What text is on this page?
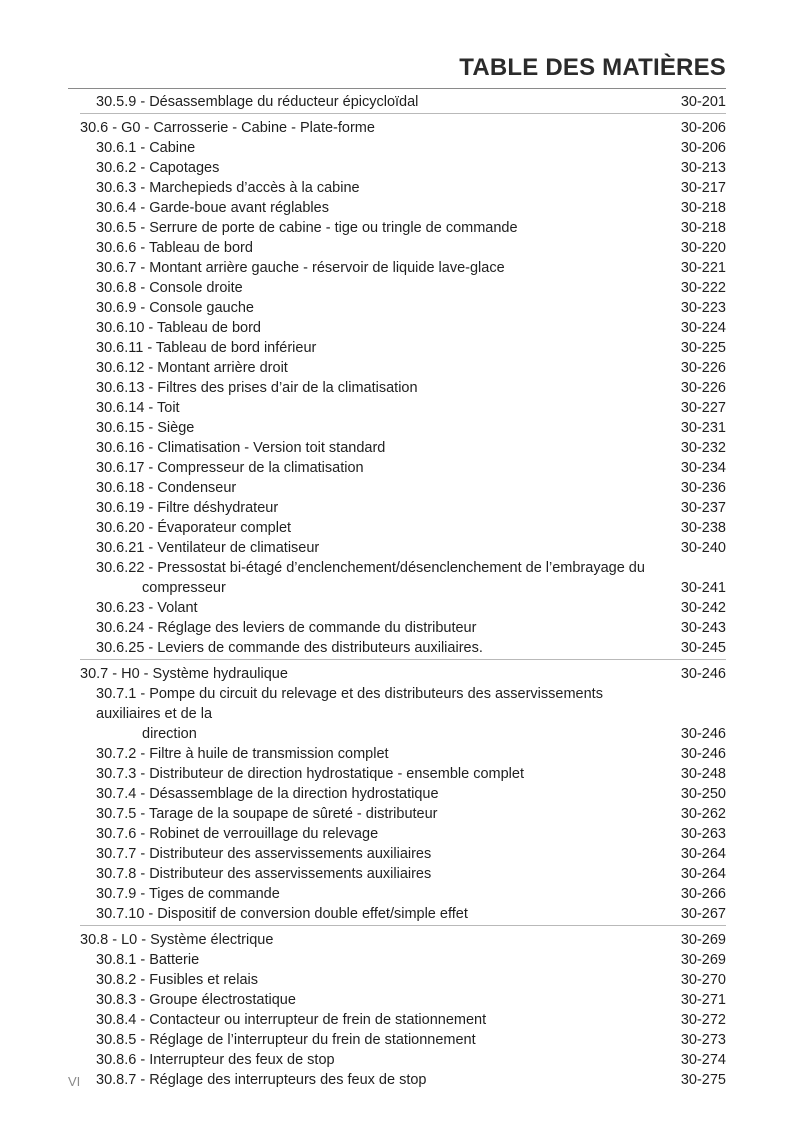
TABLE DES MATIÈRES
30.5.9 - Désassemblage du réducteur épicycloïdal	30-201
30.6 - G0 - Carrosserie - Cabine - Plate-forme	30-206
30.6.1 - Cabine	30-206
30.6.2 - Capotages	30-213
30.6.3 - Marchepieds d’accès à la cabine	30-217
30.6.4 - Garde-boue avant réglables	30-218
30.6.5 - Serrure de porte de cabine - tige ou tringle de commande	30-218
30.6.6 - Tableau de bord	30-220
30.6.7 - Montant arrière gauche - réservoir de liquide lave-glace	30-221
30.6.8 - Console droite	30-222
30.6.9 - Console gauche	30-223
30.6.10 - Tableau de bord	30-224
30.6.11 - Tableau de bord inférieur	30-225
30.6.12 - Montant arrière droit	30-226
30.6.13 - Filtres des prises d’air de la climatisation	30-226
30.6.14 - Toit	30-227
30.6.15 - Siège	30-231
30.6.16 - Climatisation - Version toit standard	30-232
30.6.17 - Compresseur de la climatisation	30-234
30.6.18 - Condenseur	30-236
30.6.19 - Filtre déshydrateur	30-237
30.6.20 - Évaporateur complet	30-238
30.6.21 - Ventilateur de climatiseur	30-240
30.6.22 - Pressostat bi-étagé d’enclenchement/désenclenchement de l’embrayage du
compresseur	30-241
30.6.23 - Volant	30-242
30.6.24 - Réglage des leviers de commande du distributeur	30-243
30.6.25 - Leviers de commande des distributeurs auxiliaires.	30-245
30.7 - H0 - Système hydraulique	30-246
30.7.1 - Pompe du circuit du relevage et des distributeurs des asservissements auxiliaires et de la
direction	30-246
30.7.2 - Filtre à huile de transmission complet	30-246
30.7.3 - Distributeur de direction hydrostatique - ensemble complet	30-248
30.7.4 - Désassemblage de la direction hydrostatique	30-250
30.7.5 - Tarage de la soupape de sûreté - distributeur	30-262
30.7.6 - Robinet de verrouillage du relevage	30-263
30.7.7 - Distributeur des asservissements auxiliaires	30-264
30.7.8 - Distributeur des asservissements auxiliaires	30-264
30.7.9 - Tiges de commande	30-266
30.7.10 - Dispositif de conversion double effet/simple effet	30-267
30.8 - L0 - Système électrique	30-269
30.8.1 - Batterie	30-269
30.8.2 - Fusibles et relais	30-270
30.8.3 - Groupe électrostatique	30-271
30.8.4 - Contacteur ou interrupteur de frein de stationnement	30-272
30.8.5 - Réglage de l’interrupteur du frein de stationnement	30-273
30.8.6 - Interrupteur des feux de stop	30-274
30.8.7 - Réglage des interrupteurs des feux de stop	30-275
VI
